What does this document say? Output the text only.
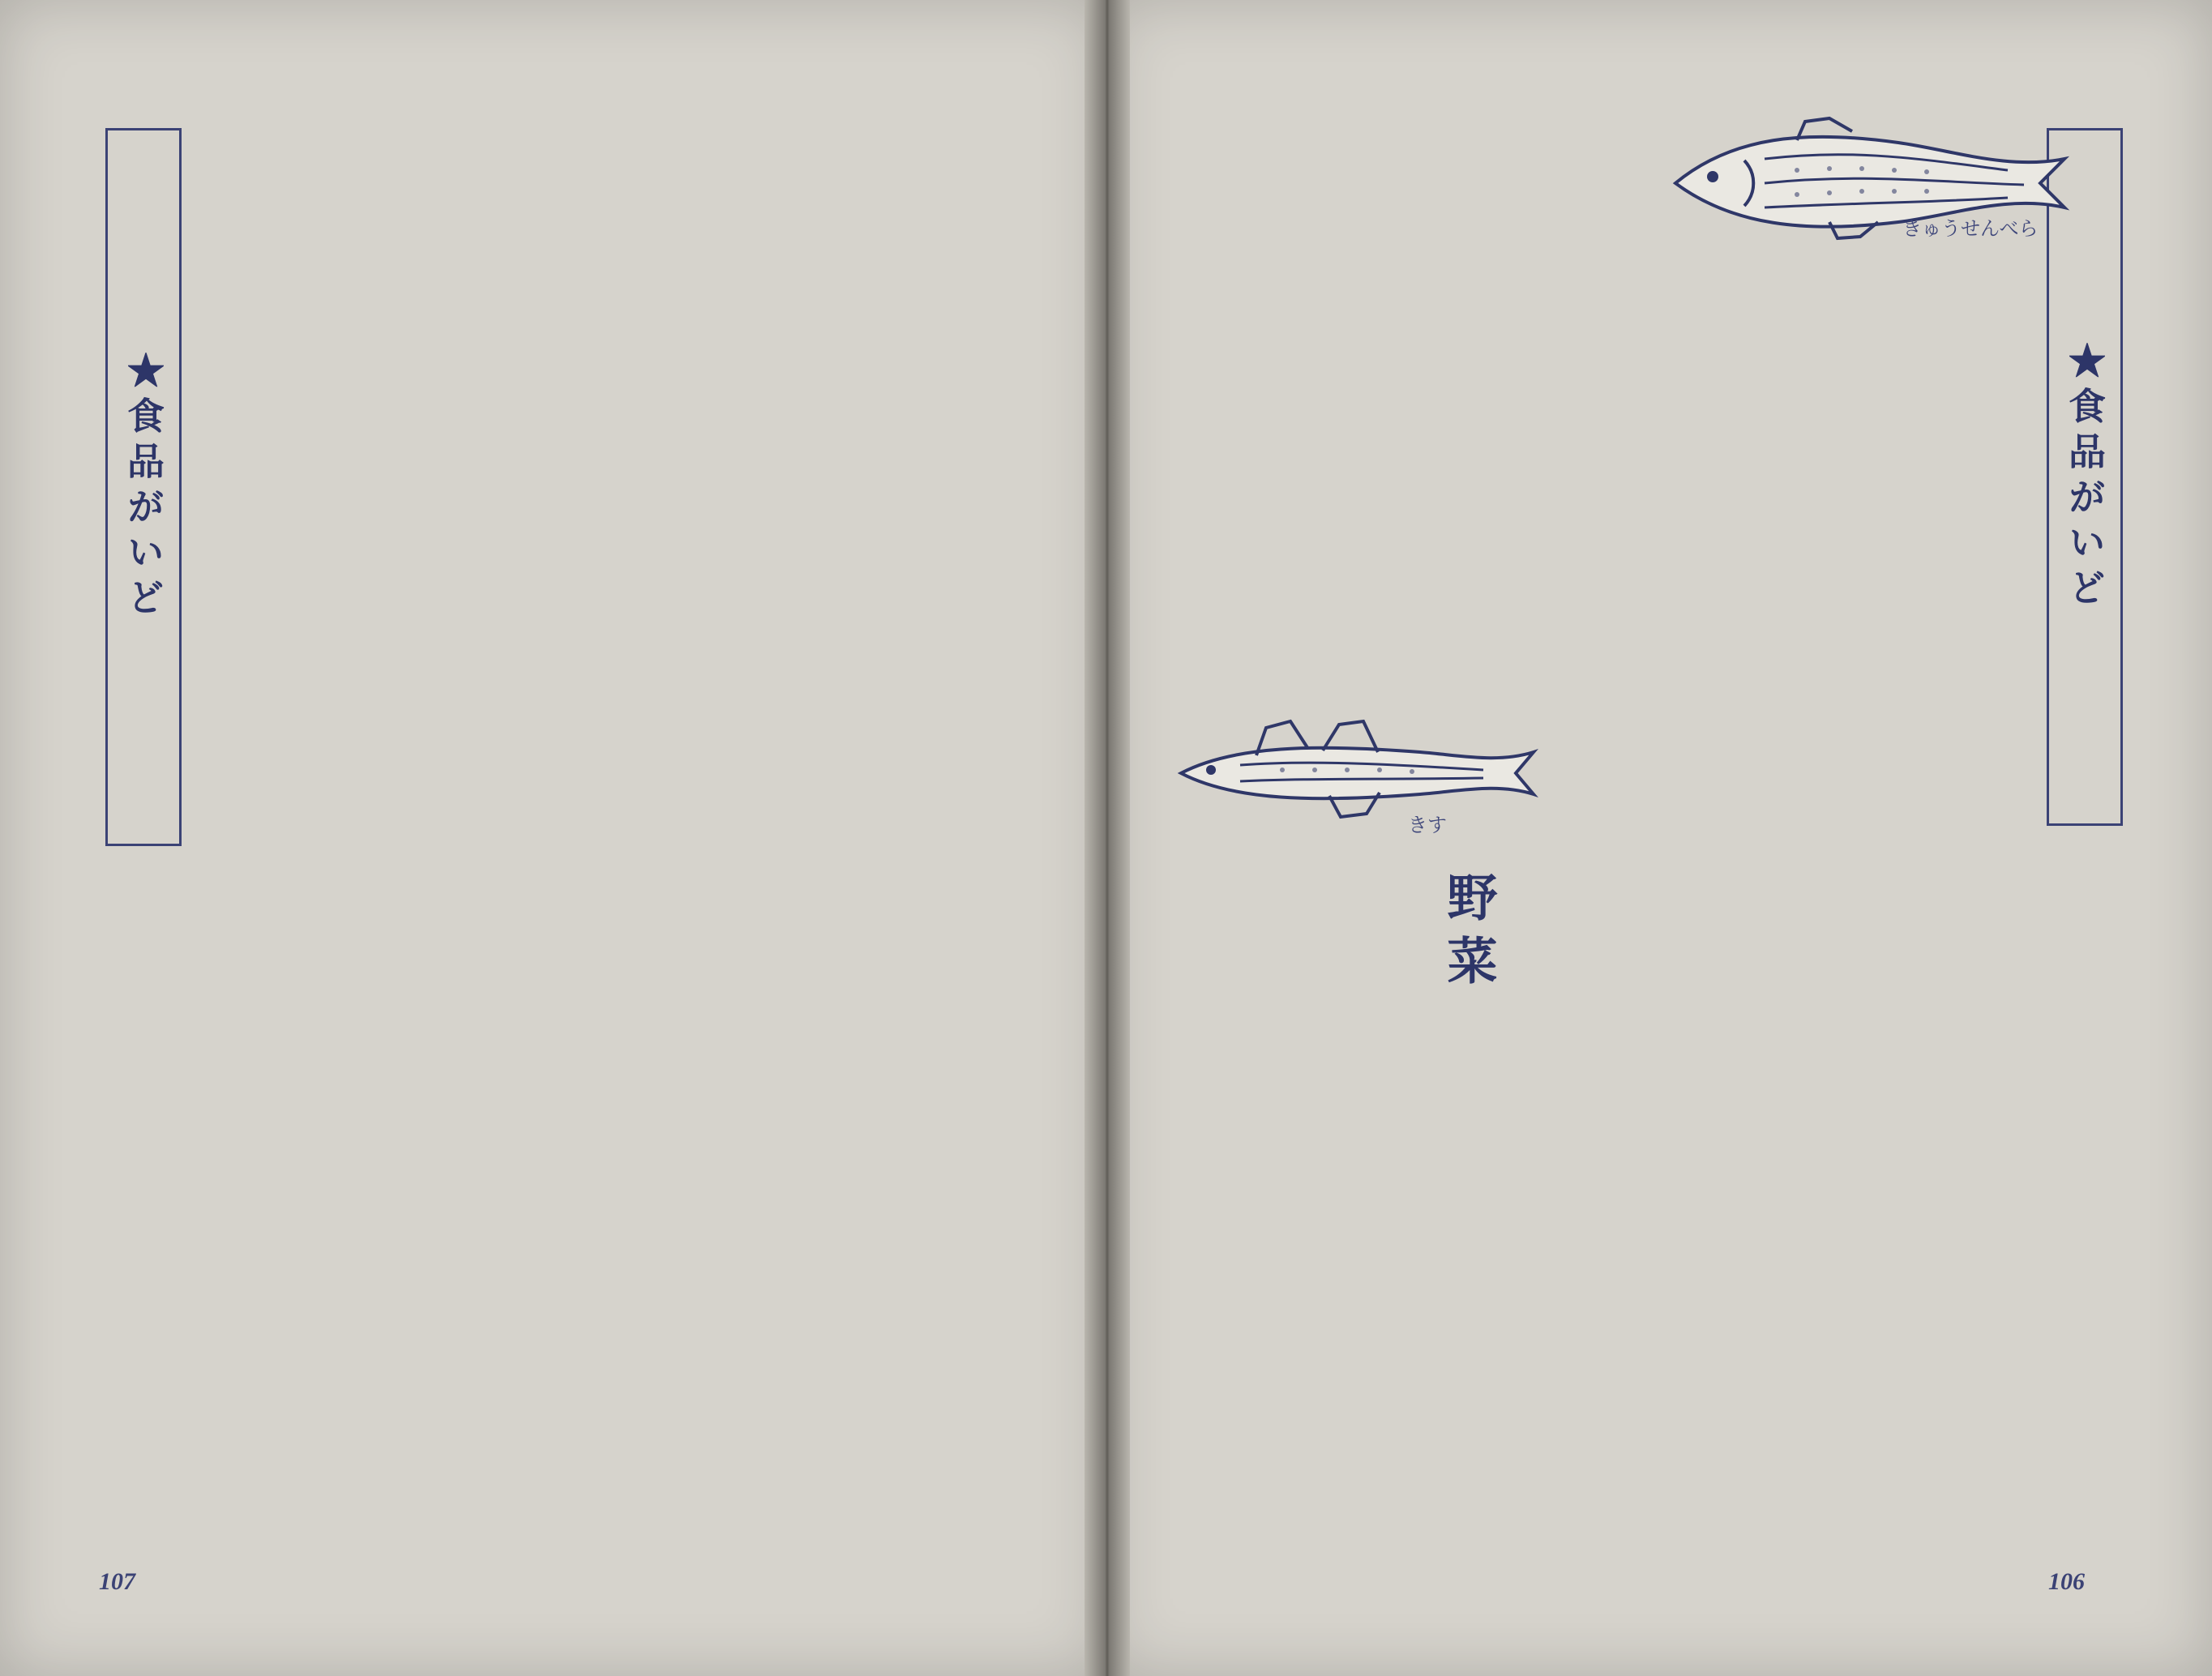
★食品がいど
107
★食品がいど
きゅうせんべら
きす
野菜
106
